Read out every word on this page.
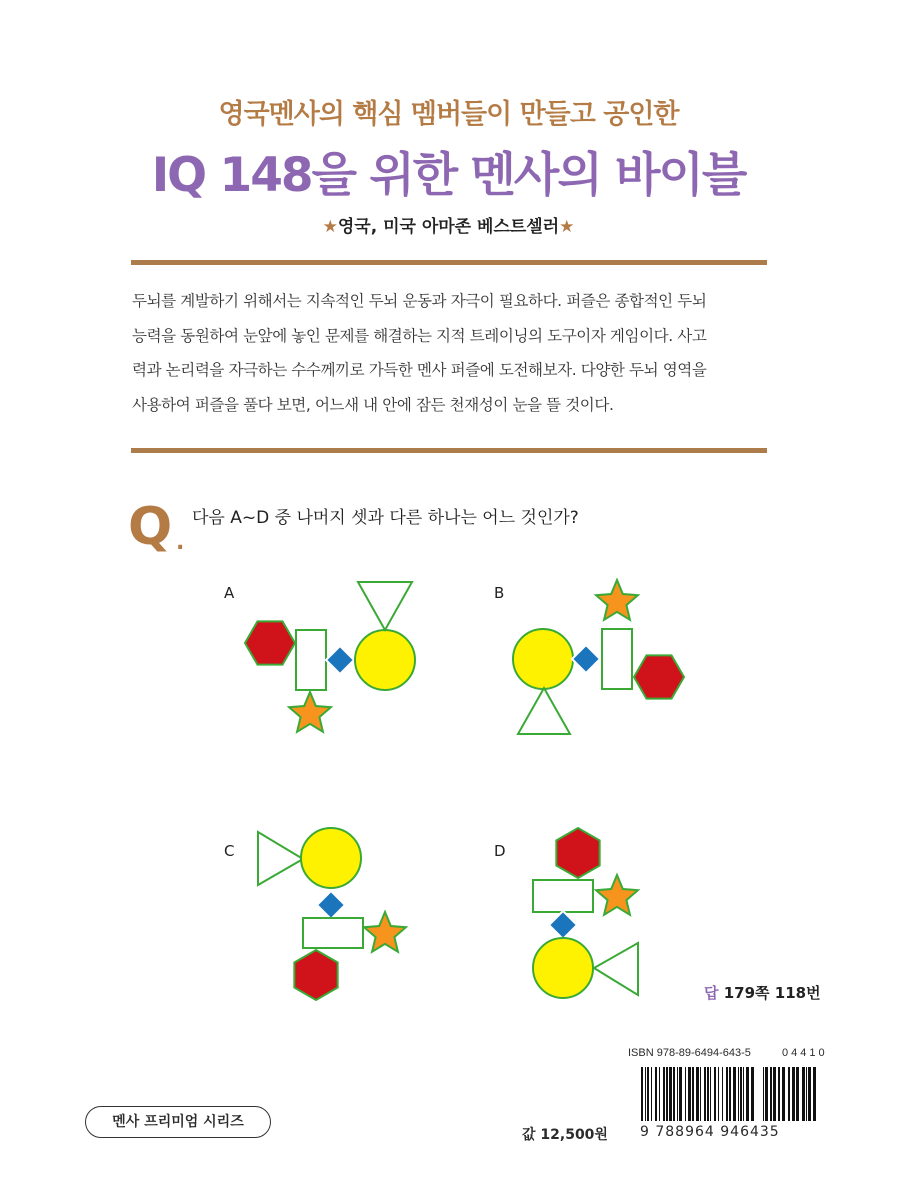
영국멘사의 핵심 멤버들이 만들고 공인한
IQ 148을 위한 멘사의 바이블
★영국, 미국 아마존 베스트셀러★
두뇌를 계발하기 위해서는 지속적인 두뇌 운동과 자극이 필요하다. 퍼즐은 종합적인 두뇌
능력을 동원하여 눈앞에 놓인 문제를 해결하는 지적 트레이닝의 도구이자 게임이다. 사고
력과 논리력을 자극하는 수수께끼로 가득한 멘사 퍼즐에 도전해보자. 다양한 두뇌 영역을
사용하여 퍼즐을 풀다 보면, 어느새 내 안에 잠든 천재성이 눈을 뜰 것이다.
Q .
다음 A~D 중 나머지 셋과 다른 하나는 어느 것인가?
A	B
C	D
답 179쪽 118번
ISBN 978-89-6494-643-5	04410
9 788964 946435
값 12,500원
멘사 프리미엄 시리즈
